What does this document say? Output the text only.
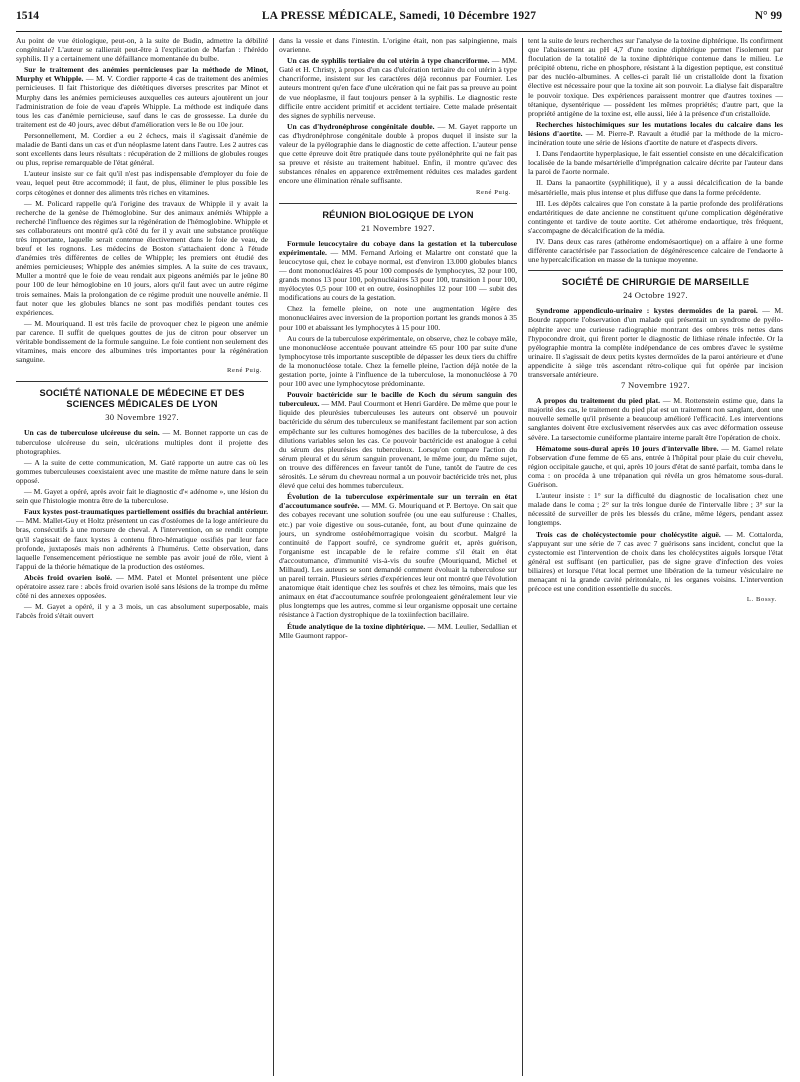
1514	LA PRESSE MÉDICALE, Samedi, 10 Décembre 1927	N° 99

Au point de vue étiologique, peut-on, à la suite de Budin, admettre la débilité congénitale? L'auteur se rallierait peut-être à l'explication de Marfan : l'hérédo syphilis. Il y a certainement une défaillance momentanée du bulbe.

Sur le traitement des anémies pernicieuses par la méthode de Minot, Murphy et Whipple. — M. V. Cordier rapporte 4 cas de traitement des anémies pernicieuses. Il fait l'historique des diététiques diverses prescrites par Minot et Murphy dans les anémies pernicieuses auxquelles ces auteurs ajoutèrent un jour l'administration de foie de veau d'après Whipple. La méthode est indiquée dans tous les cas d'anémie pernicieuse, sauf dans le cas de grossesse. La durée du traitement est de 40 jours, avec début d'amélioration vers le 8e ou 10e jour.

Personnellement, M. Cordier a eu 2 échecs, mais il s'agissait d'anémie de maladie de Banti dans un cas et d'un néoplasme latent dans l'autre. Les 2 autres cas sont excellents dans leurs résultats : récupération de 2 millions de globules rouges ou plus, reprise remarquable de l'état général.

L'auteur insiste sur ce fait qu'il n'est pas indispensable d'employer du foie de veau, lequel peut être accommodé; il faut, de plus, éliminer le plus possible les corps cétogènes et donner des aliments très riches en vitamines.

— M. Policard rappelle qu'à l'origine des travaux de Whipple il y avait la recherche de la genèse de l'hémoglobine. Sur des animaux anémiés Whipple a recherché l'influence des régimes sur la régénération de l'hémoglobine. Whipple et ses collaborateurs ont montré qu'à côté du fer il y avait une substance protéique très importante, laquelle serait contenue électivement dans le foie de veau, de bœuf et les rognons. Les médecins de Boston s'attachaient donc à l'étude d'anémies très différentes de celles de Whipple; les premiers ont étudié des anémies pernicieuses; Whipple des anémies simples. A la suite de ces travaux, Muller a montré que le foie de veau rendait aux pigeons anémiés par le jeûne 80 pour 100 de leur hémoglobine en 10 jours, alors qu'il faut avec un autre régime trois semaines. Mais la prolongation de ce régime produit une nouvelle anémie. Il faut noter que les globules blancs ne sont pas modifiés pendant toutes ces expériences.

— M. Mouriquand. Il est très facile de provoquer chez le pigeon une anémie par carence. Il suffit de quelques gouttes de jus de citron pour observer un véritable bondissement de la formule sanguine. Le foie contient non seulement des vitamines, mais encore des albumines très importantes pour la régénération sanguine.

René Puig.
SOCIÉTÉ NATIONALE DE MÉDECINE ET DES SCIENCES MÉDICALES DE LYON
30 Novembre 1927.

Un cas de tuberculose ulcéreuse du sein. — M. Bonnet rapporte un cas de tuberculose ulcéreuse du sein, ulcérations multiples dont il projette des photographies.

— A la suite de cette communication, M. Gaté rapporte un autre cas où les gommes tuberculeuses coexistaient avec une mastite de même nature dans le sein opposé.

— M. Gayet a opéré, après avoir fait le diagnostic d'« adénome », une lésion du sein que l'histologie montra être de la tuberculose.

Faux kystes post-traumatiques partiellement ossifiés du brachial antérieur. — MM. Mallet-Guy et Holtz présentent un cas d'ostéomes de la loge antérieure du bras, consécutifs à une morsure de cheval. A l'intervention, on se rendit compte qu'il s'agissait de faux kystes à contenu fibro-hématique ossifiés par leur face profonde, juxtaposés mais non adhérents à l'humérus. Cette observation, dans laquelle l'ensemencement périostique ne semble pas avoir joué de rôle, vient à l'appui de la théorie hématique de la production des ostéomes.

Abcès froid ovarien isolé. — MM. Patel et Montel présentent une pièce opératoire assez rare : abcès froid ovarien isolé sans lésions de la trompe du même côté ni des annexes opposées.

— M. Gayet a opéré, il y a 3 mois, un cas absolument superposable, mais l'abcès froid s'était ouvert

dans la vessie et dans l'intestin. L'origine était, non pas salpingienne, mais ovarienne.

Un cas de syphilis tertiaire du col utérin à type chancriforme. — MM. Gaté et H. Christy, à propos d'un cas d'ulcération tertiaire du col utérin à type chancriforme, insistent sur les caractères déjà reconnus par Fournier. Les auteurs montrent qu'en face d'une ulcération qui ne fait pas sa preuve au point de vue néoplasme, il faut toujours penser à la syphilis. Le diagnostic reste difficile entre accident primitif et accident tertiaire. Cette malade présentait des signes de syphilis nerveuse.

Un cas d'hydronéphrose congénitale double. — M. Gayet rapporte un cas d'hydronéphrose congénitale double à propos duquel il insiste sur la valeur de la pyélographie dans le diagnostic de cette affection. L'auteur pense que cette épreuve doit être pratiquée dans toute pyélonéphrite qui ne fait pas sa preuve et résiste au traitement habituel. Enfin, il montre qu'avec des substances rénales en apparence extrêmement réduites ces malades gardent encore une élimination rénale suffisante.

René Puig.
RÉUNION BIOLOGIQUE DE LYON
21 Novembre 1927.

Formule leucocytaire du cobaye dans la gestation et la tuberculose expérimentale. — MM. Fernand Arloing et Malartre ont constaté que la leucocytose qui, chez le cobaye normal, est d'environ 13.000 globules blancs — dont mononucléaires 45 pour 100 composés de lymphocytes, 32 pour 100, grands monos 13 pour 100, polynucléaires 53 pour 100, transition 1 pour 100, myélocytes 0,5 pour 100 et en outre, éosinophiles 12 pour 100 — subit des modifications au cours de la gestation.

Chez la femelle pleine, on note une augmentation légère des mononucléaires avec inversion de la proportion portant les grands monos à 35 pour 100 et abaissant les lymphocytes à 15 pour 100.

Au cours de la tuberculose expérimentale, on observe, chez le cobaye mâle, une mononucléose accentuée pouvant atteindre 65 pour 100 par suite d'une lymphocytose très importante susceptible de dépasser les deux tiers du chiffre de la mononucléose totale. Chez la femelle pleine, l'action déjà notée de la gestation porte, jointe à l'influence de la tuberculose, la mononucléose à 70 pour 100 avec une lymphocytose prédominante.

Pouvoir bactéricide sur le bacille de Koch du sérum sanguin des tuberculeux. — MM. Paul Courmont et Henri Gardère. De même que pour le liquide des pleurésies tuberculeuses les auteurs ont observé un pouvoir bactéricide du sérum des tuberculeux se manifestant facilement par son action empêchante sur les cultures homogènes des bacilles de la tuberculose, à des dilutions variables selon les cas. Ce pouvoir bactéricide est analogue à celui du sérum des pleurésies des tuberculeux. Lorsqu'on compare l'action du sérum pleural et du sérum sanguin provenant, le même jour, du même sujet, on trouve des différences en faveur tantôt de l'une, tantôt de l'autre de ces sérosités. Le sérum du chevreau normal a un pouvoir bactéricide très net, plus élevé que celui des hommes tuberculeux.

Évolution de la tuberculose expérimentale sur un terrain en état d'accoutumance soufrée. — MM. G. Mouriquand et P. Bertoye. On sait que des cobayes recevant une solution soufrée (ou une eau sulfureuse : Challes, etc.) par voie digestive ou sous-cutanée, font, au bout d'une quinzaine de jours, un syndrome ostéohémorragique voisin du scorbut. Malgré la continuité de l'apport soufré, ce syndrome guérit et, après guérison, l'organisme est incapable de le refaire comme s'il était en état d'accoutumance, d'immunité vis-à-vis du soufre (Mouriquand, Michel et Milhaud). Les auteurs se sont demandé comment évoluait la tuberculose sur un pareil terrain. Plusieurs séries d'expériences leur ont montré que l'évolution anatomique était identique chez les soufrés et chez les témoins, mais que les animaux en état d'accoutumance soufrée prolongeaient généralement leur vie plus longtemps que les autres, comme si leur organisme opposait une certaine résistance à l'action dystrophique de la toxiinfection bacillaire.

Étude analytique de la toxine diphtérique. — MM. Leulier, Sedallian et Mlle Gaumont rappor-

tent la suite de leurs recherches sur l'analyse de la toxine diphtérique. Ils confirment que l'abaissement au pH 4,7 d'une toxine diphtérique permet l'isolement par floculation de la totalité de la toxine diphtérique contenue dans le milieu. Le précipité obtenu, riche en phosphore, résistant à la digestion peptique, est constitué par des nucléo-albumines. A celles-ci paraît lié un cristalloïde dont la fixation élective est nécessaire pour que la toxine ait son pouvoir. La dialyse fait disparaître le pouvoir toxique. Des expériences paraissent montrer que d'autres toxines — tétanique, dysentérique — possèdent les mêmes propriétés; d'autre part, que la propriété antigène de la toxine est, elle aussi, liée à la présence d'un cristalloïde.

Recherches histochimiques sur les mutations locales du calcaire dans les lésions d'aortite. — M. Pierre-P. Ravault a étudié par la méthode de la micro-incinération toute une série de lésions d'aortite de nature et d'aspects divers.

I. Dans l'endaortite hyperplasique, le fait essentiel consiste en une décalcification localisée de la bande mésartérielle d'imprégnation calcaire décrite par l'auteur dans la paroi de l'aorte normale.

II. Dans la panaortite (syphilitique), il y a aussi décalcification de la bande mésartérielle, mais plus intense et plus diffuse que dans la forme précédente.

III. Les dépôts calcaires que l'on constate à la partie profonde des proliférations endartéritiques de date ancienne ne constituent qu'une complication dégénérative contingente et tardive de toute aortite. Cet athérome endaortique, très fréquent, s'accompagne de décalcification de la média.

IV. Dans deux cas rares (athérome endomésaortique) on a affaire à une forme différente caractérisée par l'association de dégénérescence calcaire de l'endaorte à une hypercalcification en masse de la tunique moyenne.

SOCIÉTÉ DE CHIRURGIE DE MARSEILLE
24 Octobre 1927.

Syndrome appendiculo-urinaire : kystes dermoïdes de la paroi. — M. Bourde rapporte l'observation d'un malade qui présentait un syndrome de pyélo-néphrite avec une curieuse radiographie montrant des ombres très nettes dans l'hypocondre droit, qui firent porter le diagnostic de lithiase rénale infectée. Or la pyélographie montra la complète indépendance de ces ombres d'avec le système urinaire. Il s'agissait de deux petits kystes dermoïdes de la paroi antérieure et d'une appendicite à siège très ascendant rétro-colique qui fut opérée par incision transversale antérieure.

7 Novembre 1927.

A propos du traitement du pied plat. — M. Rottenstein estime que, dans la majorité des cas, le traitement du pied plat est un traitement non sanglant, dont une nouvelle semelle qu'il présente a beaucoup amélioré l'efficacité. Les interventions sanglantes doivent être exclusivement réservées aux cas avec déformation osseuse sévère. La tarsectomie cunéiforme plantaire interne paraît être l'opération de choix.

Hématome sous-dural après 10 jours d'intervalle libre. — M. Gamel relate l'observation d'une femme de 65 ans, entrée à l'hôpital pour plaie du cuir chevelu, région occipitale gauche, et qui, après 10 jours d'état de santé parfait, tomba dans le coma : on procéda à une trépanation qui révéla un gros hématome sous-dural. Guérison.

L'auteur insiste : 1° sur la difficulté du diagnostic de localisation chez une malade dans le coma ; 2° sur la très longue durée de l'intervalle libre ; 3° sur la nécessité de surveiller de près les blessés du crâne, même légers, pendant assez longtemps.

Trois cas de cholécystectomie pour cholécystite aiguë. — M. Cottalorda, s'appuyant sur une série de 7 cas avec 7 guérisons sans incident, conclut que la cystectomie est l'intervention de choix dans les cholécystites aiguës lorsque l'état général est suffisant (en particulier, pas de signe grave d'infection des voies biliaires) et lorsque l'état local permet une libération de la tumeur vésiculaire ne menaçant ni la grande cavité péritonéale, ni les organes voisins. L'intervention précoce est une condition essentielle du succès.

L. Bossy.
